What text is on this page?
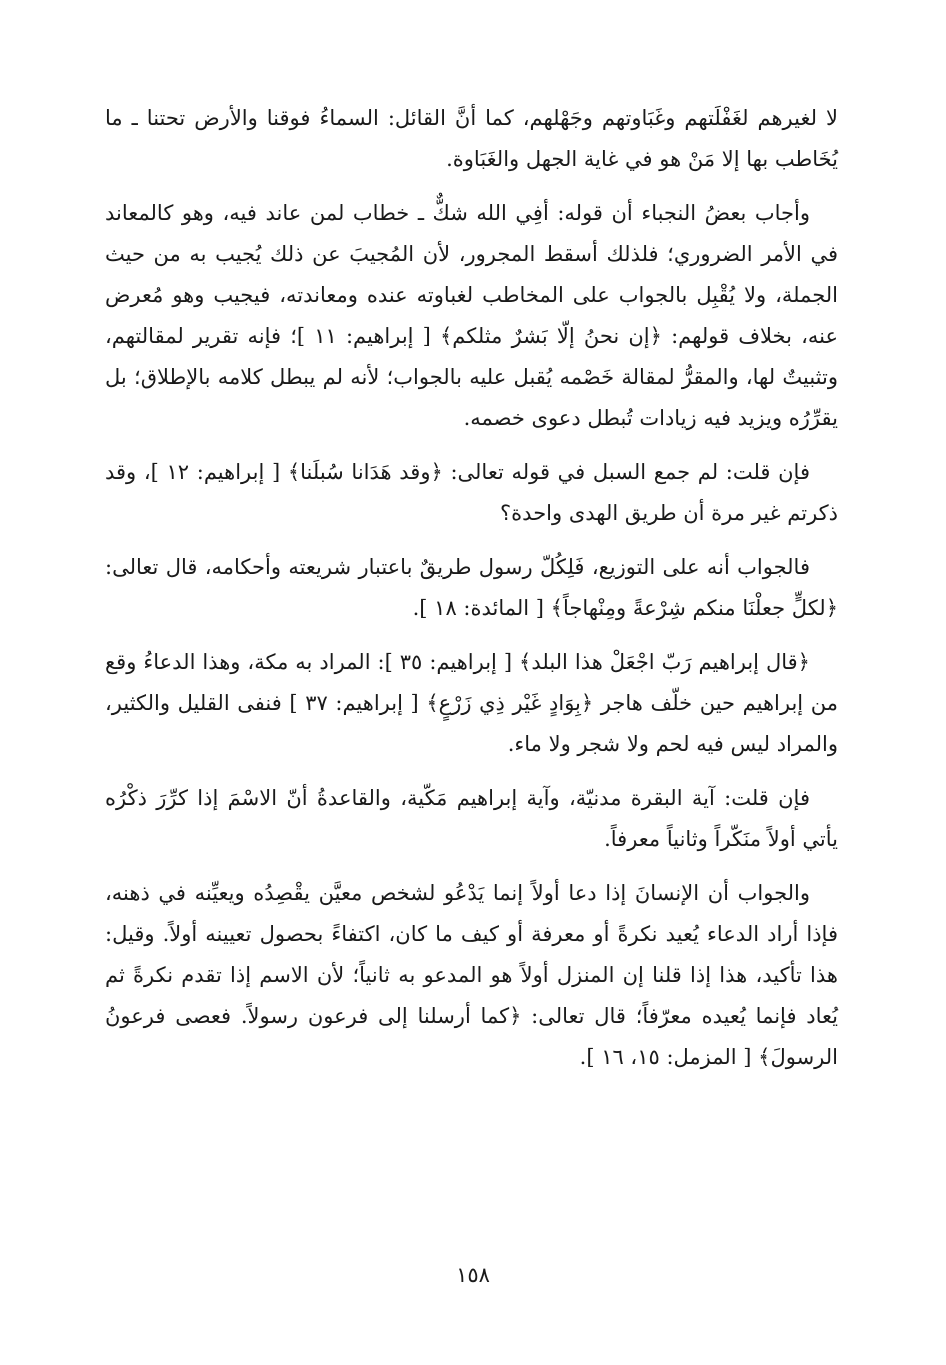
لا لغيرهم لغَفْلَتهم وغَبَاوتهم وجَهْلهم، كما أنَّ القائل: السماءُ فوقنا والأرض تحتنا ـ ما يُخَاطب بها إلا مَنْ هو في غاية الجهل والغَبَاوة.

وأجاب بعضُ النجباء أن قوله: أفِي الله شكٌّ ـ خطاب لمن عاند فيه، وهو كالمعاند في الأمر الضروري؛ فلذلك أسقط المجرور، لأن المُجيبَ عن ذلك يُجيب به من حيث الجملة، ولا يُقْبِل بالجواب على المخاطب لغباوته عنده ومعاندته، فيجيب وهو مُعرض عنه، بخلاف قولهم: ﴿إن نحنُ إلّا بَشرٌ مثلكم﴾ [ إبراهيم: ١١ ]؛ فإنه تقرير لمقالتهم، وتثبيتٌ لها، والمقرُّ لمقالة خَصْمه يُقبل عليه بالجواب؛ لأنه لم يبطل كلامه بالإطلاق؛ بل يقرِّرُه ويزيد فيه زيادات تُبطل دعوى خصمه.

فإن قلت: لم جمع السبل في قوله تعالى: ﴿وقد هَدَانا سُبلَنا﴾ [ إبراهيم: ١٢ ]، وقد ذكرتم غير مرة أن طريق الهدى واحدة؟

فالجواب أنه على التوزيع، فَلِكُلّ رسول طريقٌ باعتبار شريعته وأحكامه، قال تعالى: ﴿لكلٍّ جعلْنَا منكم شِرْعةً ومِنْهاجاً﴾ [ المائدة: ١٨ ].

﴿قال إبراهيم رَبّ اجْعَلْ هذا البلد﴾ [ إبراهيم: ٣٥ ]: المراد به مكة، وهذا الدعاءُ وقع من إبراهيم حين خلّف هاجر ﴿بِوَادٍ غَيْر ذِي زَرْعٍ﴾ [ إبراهيم: ٣٧ ] فنفى القليل والكثير، والمراد ليس فيه لحم ولا شجر ولا ماء.

فإن قلت: آية البقرة مدنيّة، وآية إبراهيم مَكّية، والقاعدةُ أنّ الاسْمَ إذا كرِّرَ ذكْرُه يأتي أولاً منَكّراً وثانياً معرفاً.

والجواب أن الإنسانَ إذا دعا أولاً إنما يَدْعُو لشخص معيَّن يقْصِدُه ويعيِّنه في ذهنه، فإذا أراد الدعاء يُعيد نكرةً أو معرفة أو كيف ما كان، اكتفاءً بحصول تعيينه أولاً. وقيل: هذا تأكيد، هذا إذا قلنا إن المنزل أولاً هو المدعو به ثانياً؛ لأن الاسم إذا تقدم نكرةً ثم يُعاد فإنما يُعيده معرّفاً؛ قال تعالى: ﴿كما أرسلنا إلى فرعون رسولاً. فعصى فرعونُ الرسولَ﴾ [ المزمل: ١٥، ١٦ ].

١٥٨
